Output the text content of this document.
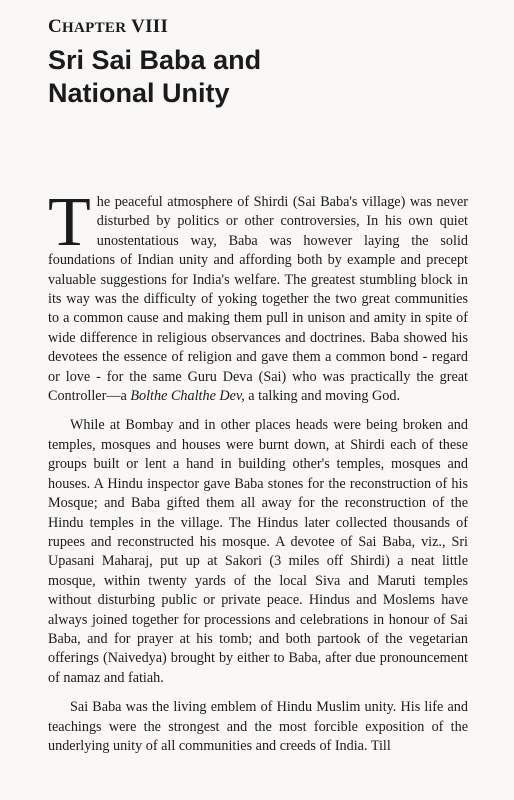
CHAPTER VIII
Sri Sai Baba and
National Unity

The peaceful atmosphere of Shirdi (Sai Baba's village) was never disturbed by politics or other controversies, In his own quiet unostentatious way, Baba was however laying the solid foundations of Indian unity and affording both by example and precept valuable suggestions for India's welfare. The greatest stumbling block in its way was the difficulty of yoking together the two great communities to a common cause and making them pull in unison and amity in spite of wide difference in religious observances and doctrines. Baba showed his devotees the essence of religion and gave them a common bond - regard or love - for the same Guru Deva (Sai) who was practically the great Controller—a Bolthe Chalthe Dev, a talking and moving God.

While at Bombay and in other places heads were being broken and temples, mosques and houses were burnt down, at Shirdi each of these groups built or lent a hand in building other's temples, mosques and houses. A Hindu inspector gave Baba stones for the reconstruction of his Mosque; and Baba gifted them all away for the reconstruction of the Hindu temples in the village. The Hindus later collected thousands of rupees and reconstructed his mosque. A devotee of Sai Baba, viz., Sri Upasani Maharaj, put up at Sakori (3 miles off Shirdi) a neat little mosque, within twenty yards of the local Siva and Maruti temples without disturbing public or private peace. Hindus and Moslems have always joined together for processions and celebrations in honour of Sai Baba, and for prayer at his tomb; and both partook of the vegetarian offerings (Naivedya) brought by either to Baba, after due pronouncement of namaz and fatiah.

Sai Baba was the living emblem of Hindu Muslim unity. His life and teachings were the strongest and the most forcible exposition of the underlying unity of all communities and creeds of India. Till
